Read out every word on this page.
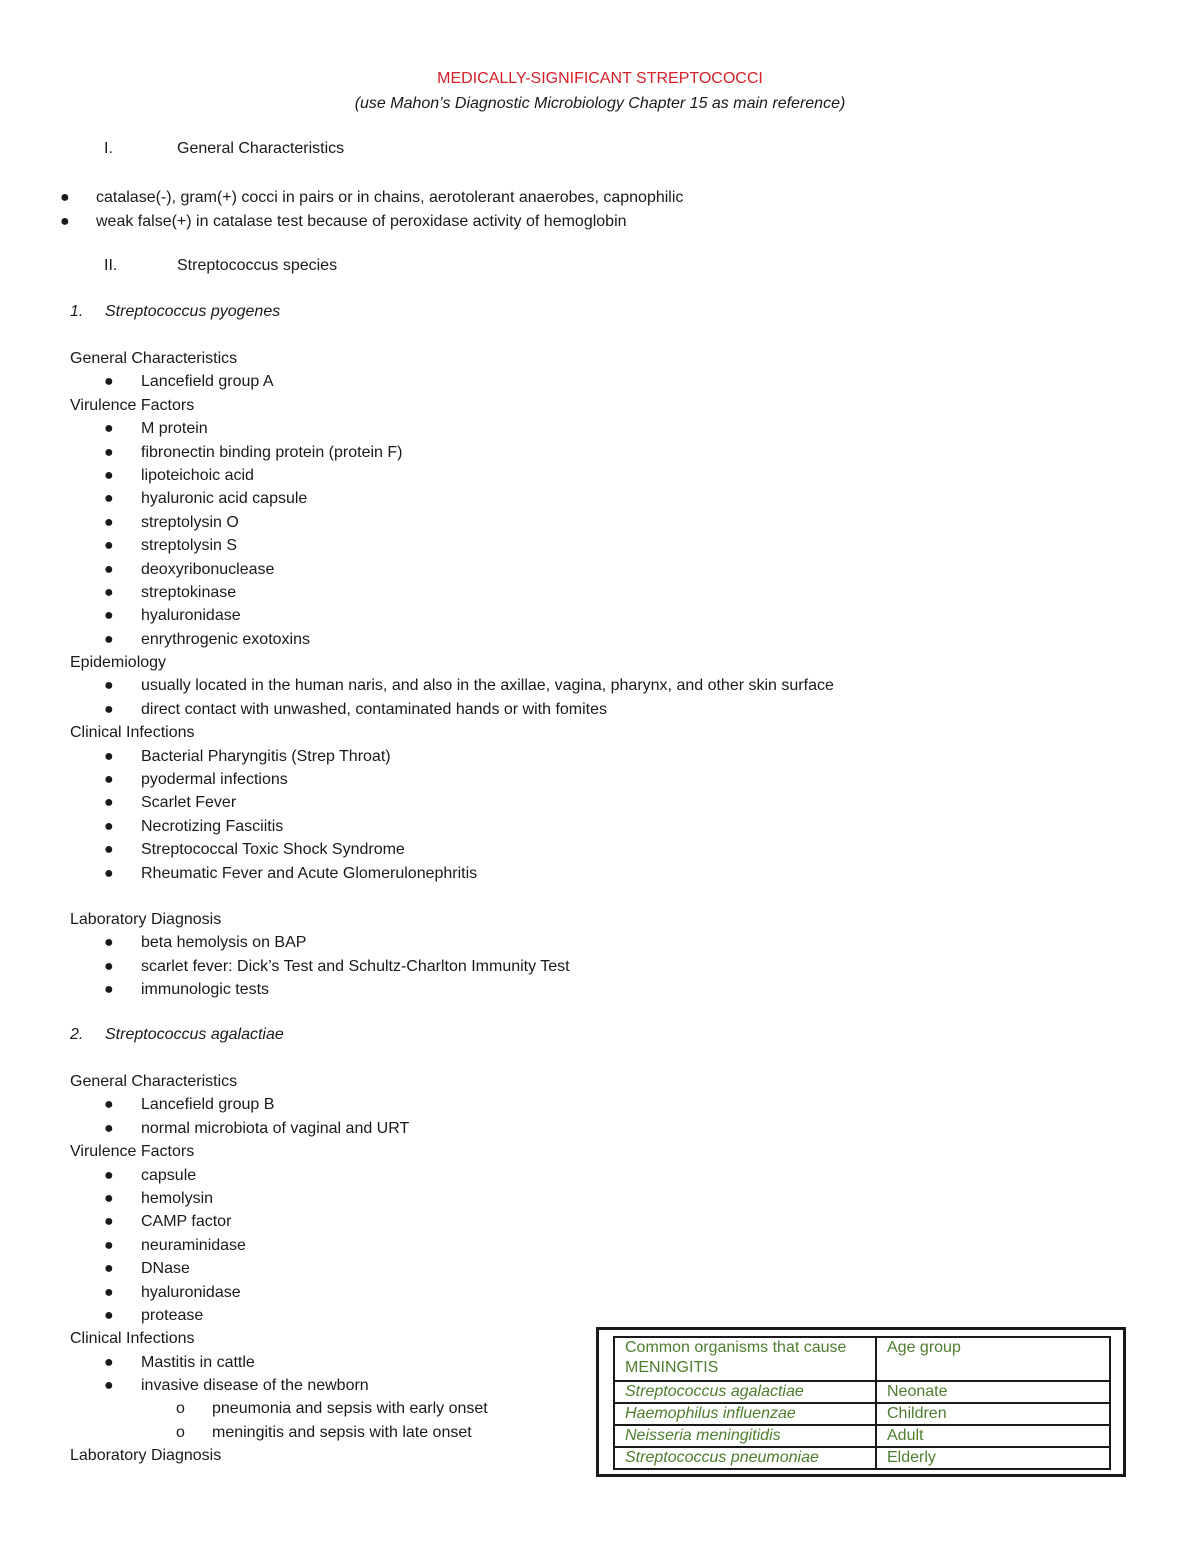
MEDICALLY-SIGNIFICANT STREPTOCOCCI
(use Mahon’s Diagnostic Microbiology Chapter 15 as main reference)
I.	General Characteristics
● catalase(-), gram(+) cocci in pairs or in chains, aerotolerant anaerobes, capnophilic
● weak false(+) in catalase test because of peroxidase activity of hemoglobin
II.	Streptococcus species
1. Streptococcus pyogenes
General Characteristics
● Lancefield group A
Virulence Factors
● M protein
● fibronectin binding protein (protein F)
● lipoteichoic acid
● hyaluronic acid capsule
● streptolysin O
● streptolysin S
● deoxyribonuclease
● streptokinase
● hyaluronidase
● enrythrogenic exotoxins
Epidemiology
● usually located in the human naris, and also in the axillae, vagina, pharynx, and other skin surface
● direct contact with unwashed, contaminated hands or with fomites
Clinical Infections
● Bacterial Pharyngitis (Strep Throat)
● pyodermal infections
● Scarlet Fever
● Necrotizing Fasciitis
● Streptococcal Toxic Shock Syndrome
● Rheumatic Fever and Acute Glomerulonephritis
Laboratory Diagnosis
● beta hemolysis on BAP
● scarlet fever: Dick’s Test and Schultz-Charlton Immunity Test
● immunologic tests
2. Streptococcus agalactiae
General Characteristics
● Lancefield group B
● normal microbiota of vaginal and URT
Virulence Factors
● capsule
● hemolysin
● CAMP factor
● neuraminidase
● DNase
● hyaluronidase
● protease
Clinical Infections
● Mastitis in cattle
● invasive disease of the newborn
o pneumonia and sepsis with early onset
o meningitis and sepsis with late onset
Laboratory Diagnosis
Common organisms that cause MENINGITIS	Age group
Streptococcus agalactiae	Neonate
Haemophilus influenzae	Children
Neisseria meningitidis	Adult
Streptococcus pneumoniae	Elderly
